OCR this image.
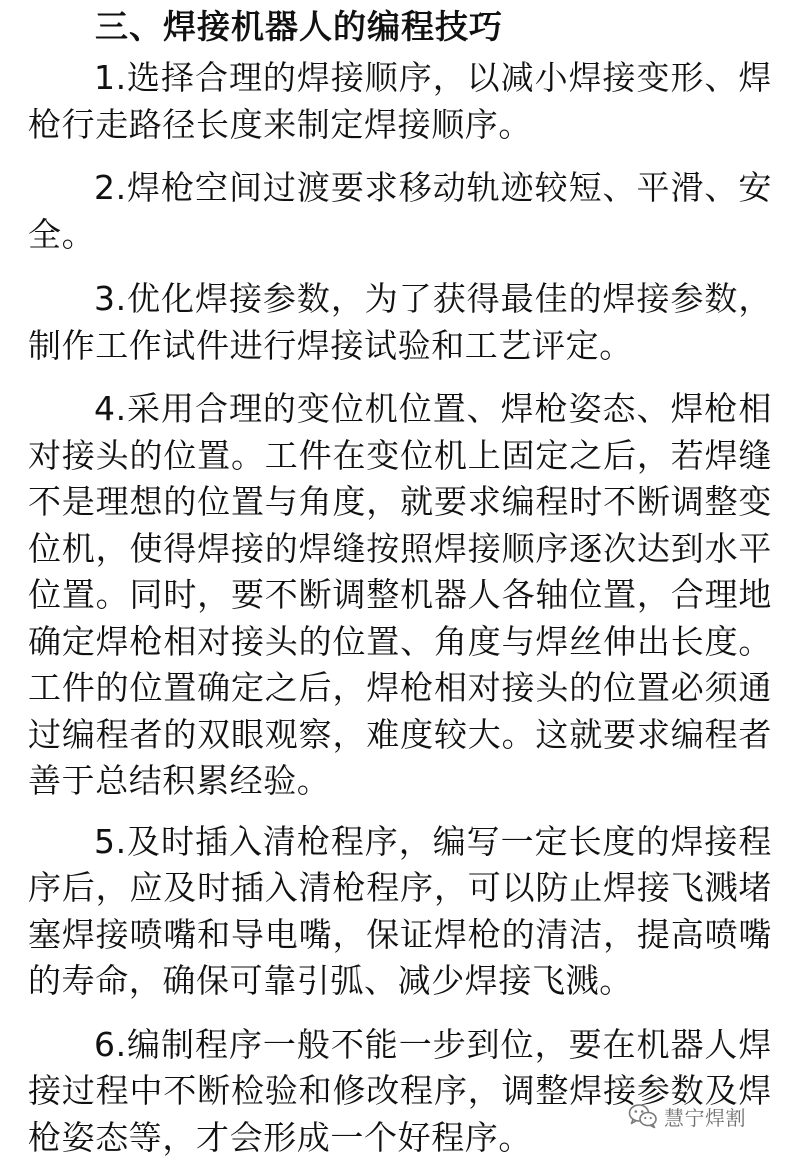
三、焊接机器人的编程技巧

1.选择合理的焊接顺序，以减小焊接变形、焊枪行走路径长度来制定焊接顺序。

2.焊枪空间过渡要求移动轨迹较短、平滑、安全。

3.优化焊接参数，为了获得最佳的焊接参数，制作工作试件进行焊接试验和工艺评定。

4.采用合理的变位机位置、焊枪姿态、焊枪相对接头的位置。工件在变位机上固定之后，若焊缝不是理想的位置与角度，就要求编程时不断调整变位机，使得焊接的焊缝按照焊接顺序逐次达到水平位置。同时，要不断调整机器人各轴位置，合理地确定焊枪相对接头的位置、角度与焊丝伸出长度。工件的位置确定之后，焊枪相对接头的位置必须通过编程者的双眼观察，难度较大。这就要求编程者善于总结积累经验。

5.及时插入清枪程序，编写一定长度的焊接程序后，应及时插入清枪程序，可以防止焊接飞溅堵塞焊接喷嘴和导电嘴，保证焊枪的清洁，提高喷嘴的寿命，确保可靠引弧、减少焊接飞溅。

6.编制程序一般不能一步到位，要在机器人焊接过程中不断检验和修改程序，调整焊接参数及焊枪姿态等，才会形成一个好程序。	慧宁焊割
